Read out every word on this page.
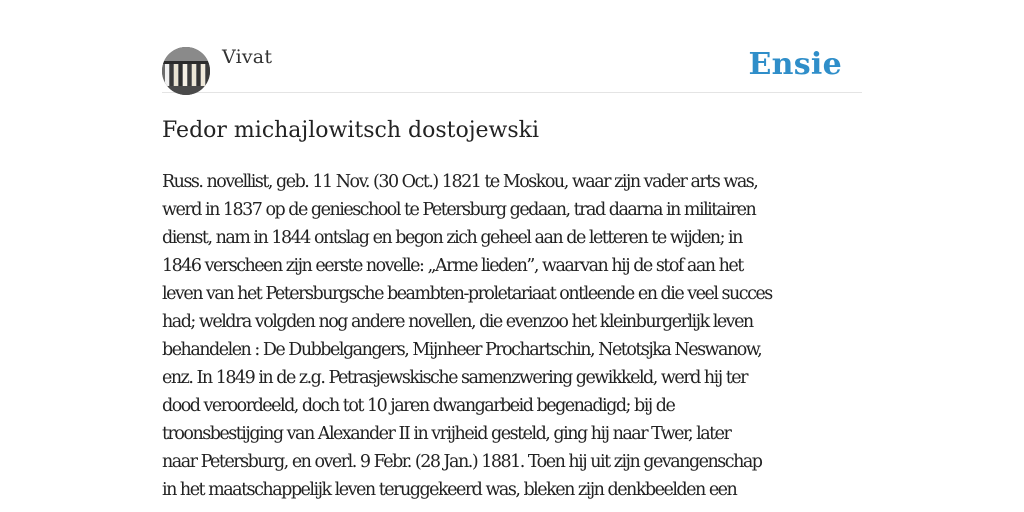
Vivat	Ensie
Fedor michajlowitsch dostojewski
Russ. novellist, geb. 11 Nov. (30 Oct.) 1821 te Moskou, waar zijn vader arts was,
werd in 1837 op de genieschool te Petersburg gedaan, trad daarna in militairen
dienst, nam in 1844 ontslag en begon zich geheel aan de letteren te wijden; in
1846 verscheen zijn eerste novelle: „Arme lieden”, waarvan hij de stof aan het
leven van het Petersburgsche beambten-proletariaat ontleende en die veel succes
had; weldra volgden nog andere novellen, die evenzoo het kleinburgerlijk leven
behandelen : De Dubbelgangers, Mijnheer Prochartschin, Netotsjka Neswanow,
enz. In 1849 in de z.g. Petrasjewskische samenzwering gewikkeld, werd hij ter
dood veroordeeld, doch tot 10 jaren dwangarbeid begenadigd; bij de
troonsbestijging van Alexander II in vrijheid gesteld, ging hij naar Twer, later
naar Petersburg, en overl. 9 Febr. (28 Jan.) 1881. Toen hij uit zijn gevangenschap
in het maatschappelijk leven teruggekeerd was, bleken zijn denkbeelden een
